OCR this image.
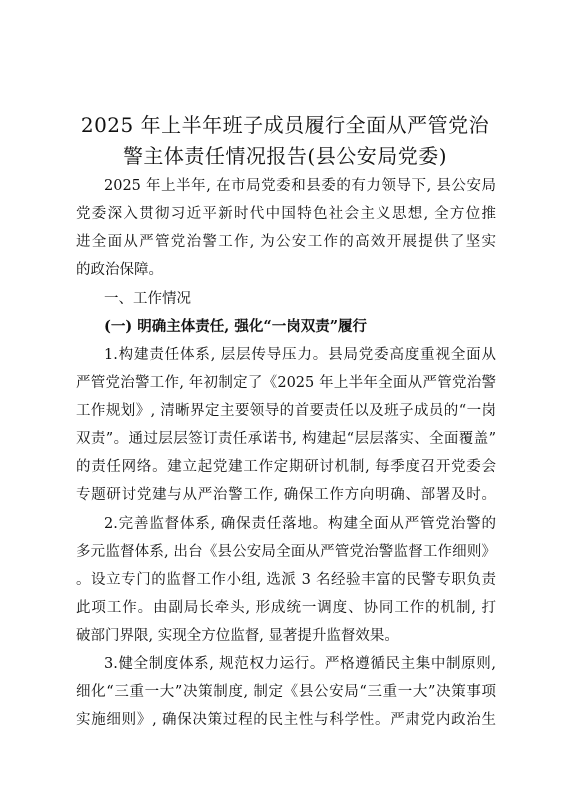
2025 年上半年班子成员履行全面从严管党治
警主体责任情况报告(县公安局党委)
2025 年上半年, 在市局党委和县委的有力领导下, 县公安局
党委深入贯彻习近平新时代中国特色社会主义思想, 全方位推
进全面从严管党治警工作, 为公安工作的高效开展提供了坚实
的政治保障。
一、工作情况
(一) 明确主体责任, 强化“一岗双责”履行
1.构建责任体系, 层层传导压力。县局党委高度重视全面从
严管党治警工作, 年初制定了《2025 年上半年全面从严管党治警
工作规划》, 清晰界定主要领导的首要责任以及班子成员的“一岗
双责”。通过层层签订责任承诺书, 构建起“层层落实、全面覆盖”
的责任网络。建立起党建工作定期研讨机制, 每季度召开党委会
专题研讨党建与从严治警工作, 确保工作方向明确、部署及时。
2.完善监督体系, 确保责任落地。构建全面从严管党治警的
多元监督体系, 出台《县公安局全面从严管党治警监督工作细则》
。设立专门的监督工作小组, 选派 3 名经验丰富的民警专职负责
此项工作。由副局长牵头, 形成统一调度、协同工作的机制, 打
破部门界限, 实现全方位监督, 显著提升监督效果。
3.健全制度体系, 规范权力运行。严格遵循民主集中制原则,
细化“三重一大”决策制度, 制定《县公安局“三重一大”决策事项
实施细则》, 确保决策过程的民主性与科学性。严肃党内政治生
